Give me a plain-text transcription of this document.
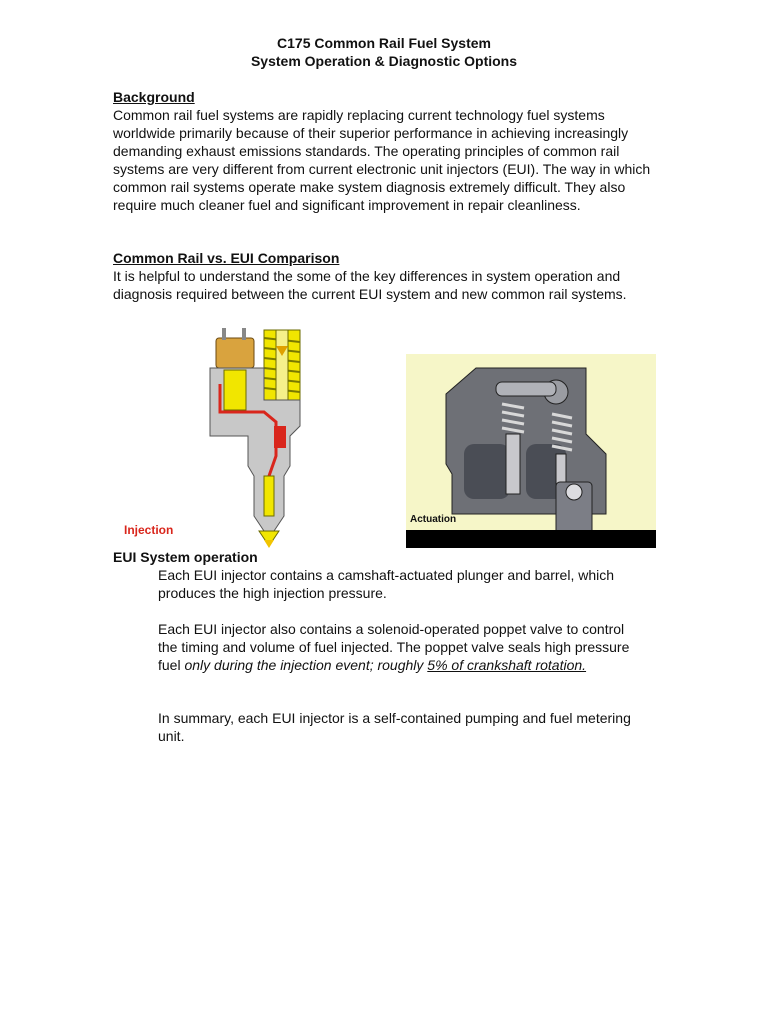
C175 Common Rail Fuel System
System Operation & Diagnostic Options
Background

Common rail fuel systems are rapidly replacing current technology fuel systems worldwide primarily because of their superior performance in achieving increasingly demanding exhaust emissions standards. The operating principles of common rail systems are very different from current electronic unit injectors (EUI). The way in which common rail systems operate make system diagnosis extremely difficult. They also require much cleaner fuel and significant improvement in repair cleanliness.

Common Rail vs. EUI Comparison

It is helpful to understand the some of the key differences in system operation and diagnosis required between the current EUI system and new common rail systems.

Injection
Actuation
EUI System operation

Each EUI injector contains a camshaft-actuated plunger and barrel, which produces the high injection pressure.

Each EUI injector also contains a solenoid-operated poppet valve to control the timing and volume of fuel injected. The poppet valve seals high pressure fuel only during the injection event; roughly 5% of crankshaft rotation.

In summary, each EUI injector is a self-contained pumping and fuel metering unit.
